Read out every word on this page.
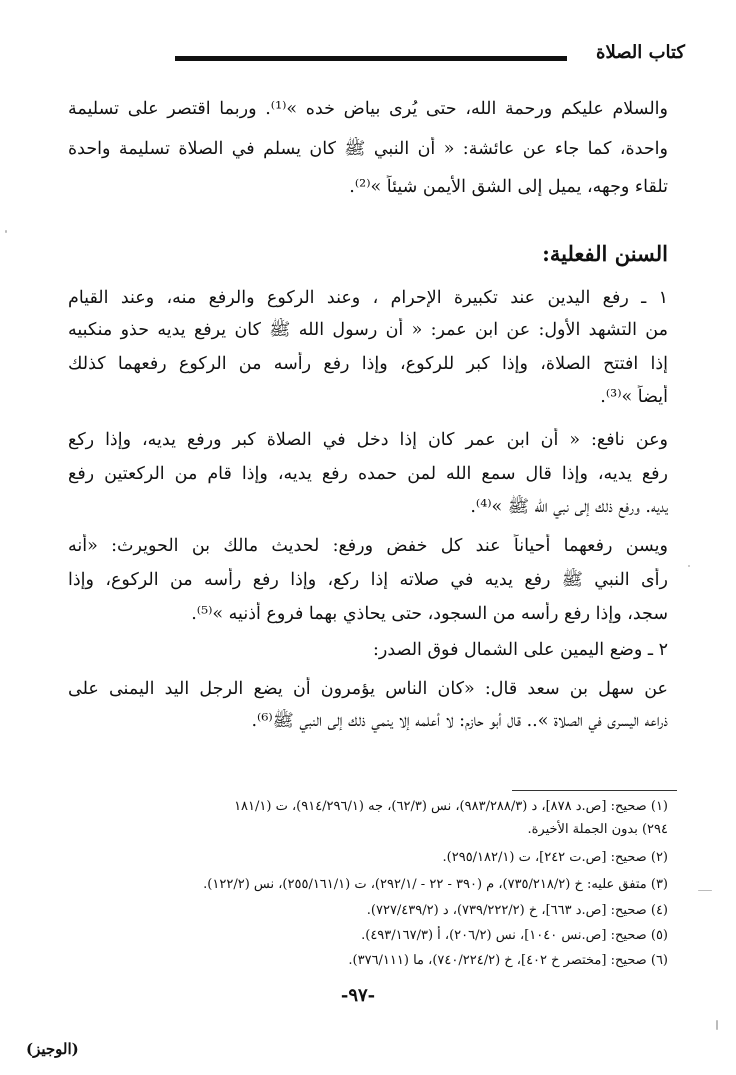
كتاب الصلاة
والسلام عليكم ورحمة الله، حتى يُرى بياض خده »⁽¹⁾. وربما اقتصر على تسليمة
واحدة، كما جاء عن عائشة: « أن النبي ﷺ كان يسلم في الصلاة تسليمة واحدة
تلقاء وجهه، يميل إلى الشق الأيمن شيئاً »⁽²⁾.
السنن الفعلية:
١ ـ رفع اليدين عند تكبيرة الإحرام ، وعند الركوع والرفع منه، وعند القيام
من التشهد الأول: عن ابن عمر: « أن رسول الله ﷺ كان يرفع يديه حذو منكبيه
إذا افتتح الصلاة، وإذا كبر للركوع، وإذا رفع رأسه من الركوع رفعهما كذلك
أيضاً »⁽³⁾.
وعن نافع: « أن ابن عمر كان إذا دخل في الصلاة كبر ورفع يديه، وإذا ركع
رفع يديه، وإذا قال سمع الله لمن حمده رفع يديه، وإذا قام من الركعتين رفع
يديه. ورفع ذلك إلى نبي الله ﷺ »⁽⁴⁾.
ويسن رفعهما أحياناً عند كل خفض ورفع: لحديث مالك بن الحويرث: «أنه
رأى النبي ﷺ رفع يديه في صلاته إذا ركع، وإذا رفع رأسه من الركوع، وإذا
سجد، وإذا رفع رأسه من السجود، حتى يحاذي بهما فروع أذنيه »⁽⁵⁾.
٢ ـ وضع اليمين على الشمال فوق الصدر:
عن سهل بن سعد قال: «كان الناس يؤمرون أن يضع الرجل اليد اليمنى على
ذراعه اليسرى في الصلاة ».. قال أبو حازم: لا أعلمه إلا ينمي ذلك إلى النبي ﷺ⁽⁶⁾.
(١) صحيح: [ص.د ٨٧٨]، د (٩٨٣/٢٨٨/٣)، نس (٦٢/٣)، جه (٩١٤/٢٩٦/١)، ت (١٨١/١
٢٩٤) بدون الجملة الأخيرة.
(٢) صحيح: [ص.ت ٢٤٢]، ت (٢٩٥/١٨٢/١).
(٣) متفق عليه: خ (٧٣٥/٢١٨/٢)، م (٣٩٠ - ٢٢ - /٢٩٢/١)، ت (٢٥٥/١٦١/١)، نس (١٢٢/٢).
(٤) صحيح: [ص.د ٦٦٣]، خ (٧٣٩/٢٢٢/٢)، د (٧٢٧/٤٣٩/٢).
(٥) صحيح: [ص.نس ١٠٤٠]، نس (٢٠٦/٢)، أ (٤٩٣/١٦٧/٣).
(٦) صحيح: [مختصر خ ٤٠٢]، خ (٧٤٠/٢٢٤/٢)، ما (٣٧٦/١١١).
-٩٧-
(الوجيز)
